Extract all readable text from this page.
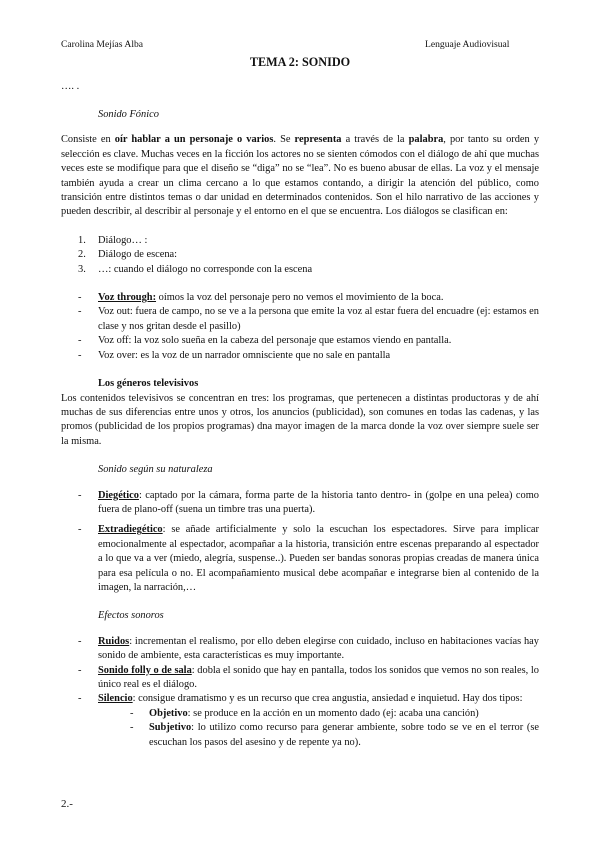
Carolina Mejías Alba	Lenguaje Audiovisual
TEMA 2: SONIDO
…. .
Sonido Fónico

Consiste en oír hablar a un personaje o varios. Se representa a través de la palabra, por tanto su orden y selección es clave. Muchas veces en la ficción los actores no se sienten cómodos con el diálogo de ahí que muchas veces este se modifique para que el diseño se “diga” no se “lea”. No es bueno abusar de ellas. La voz y el mensaje también ayuda a crear un clima cercano a lo que estamos contando, a dirigir la atención del público, como transición entre distintos temas o dar unidad en determinados contenidos. Son el hilo narrativo de las acciones y pueden describir, al describir al personaje y el entorno en el que se encuentra. Los diálogos se clasifican en:

1. Diálogo… :
2. Diálogo de escena:
3. …: cuando el diálogo no corresponde con la escena
- Voz through: oímos la voz del personaje pero no vemos el movimiento de la boca.
- Voz out: fuera de campo, no se ve a la persona que emite la voz al estar fuera del encuadre (ej: estamos en clase y nos gritan desde el pasillo)
- Voz off: la voz solo sueña en la cabeza del personaje que estamos viendo en pantalla.
- Voz over: es la voz de un narrador omnisciente que no sale en pantalla
Los géneros televisivos

Los contenidos televisivos se concentran en tres: los programas, que pertenecen a distintas productoras y de ahí muchas de sus diferencias entre unos y otros, los anuncios (publicidad), son comunes en todas las cadenas, y las promos (publicidad de los propios programas) dna mayor imagen de la marca donde la voz over siempre suele ser la misma.

Sonido según su naturaleza
- Diegético: captado por la cámara, forma parte de la historia tanto dentro- in (golpe en una pelea) como fuera de plano-off (suena un timbre tras una puerta).
- Extradiegético: se añade artificialmente y solo la escuchan los espectadores. Sirve para implicar emocionalmente al espectador, acompañar a la historia, transición entre escenas preparando al espectador a lo que va a ver (miedo, alegría, suspense..). Pueden ser bandas sonoras propias creadas de manera única para esa película o no. El acompañamiento musical debe acompañar e integrarse bien al contenido de la imagen, la narración,…
Efectos sonoros
- Ruidos: incrementan el realismo, por ello deben elegirse con cuidado, incluso en habitaciones vacías hay sonido de ambiente, esta características es muy importante.
- Sonido folly o de sala: dobla el sonido que hay en pantalla, todos los sonidos que vemos no son reales, lo único real es el diálogo.
- Silencio: consigue dramatismo y es un recurso que crea angustia, ansiedad e inquietud. Hay dos tipos:
- Objetivo: se produce en la acción en un momento dado (ej: acaba una canción)
- Subjetivo: lo utilizo como recurso para generar ambiente, sobre todo se ve en el terror (se escuchan los pasos del asesino y de repente ya no).
2.-
